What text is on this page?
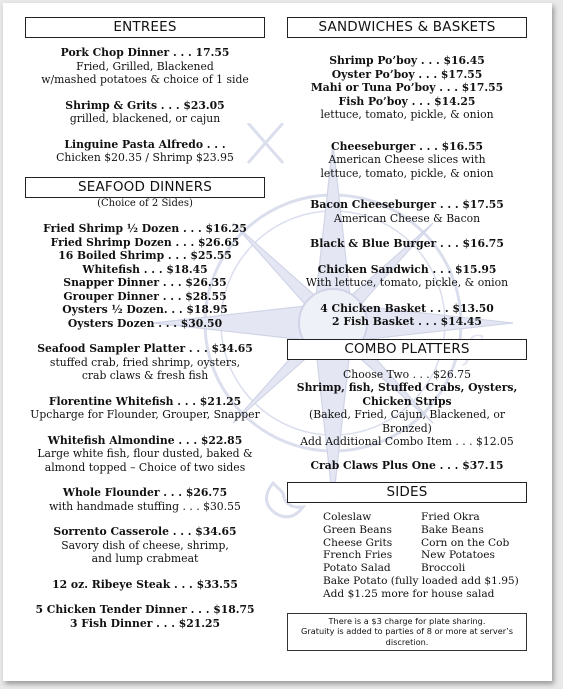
ENTREES
Pork Chop Dinner . . . 17.55
Fried, Grilled, Blackened
w/mashed potatoes & choice of 1 side
Shrimp & Grits . . . $23.05
grilled, blackened, or cajun
Linguine Pasta Alfredo . . .
Chicken $20.35 / Shrimp $23.95
SEAFOOD DINNERS
(Choice of 2 Sides)
Fried Shrimp ½ Dozen . . . $16.25
Fried Shrimp Dozen . . . $26.65
16 Boiled Shrimp . . . $25.55
Whitefish . . . $18.45
Snapper Dinner . . . $26.35
Grouper Dinner . . . $28.55
Oysters ½ Dozen. . . $18.95
Oysters Dozen . . . $30.50
Seafood Sampler Platter . . . $34.65
stuffed crab, fried shrimp, oysters,
crab claws & fresh fish
Florentine Whitefish . . . $21.25
Upcharge for Flounder, Grouper, Snapper
Whitefish Almondine . . . $22.85
Large white fish, flour dusted, baked &
almond topped – Choice of two sides
Whole Flounder . . . $26.75
with handmade stuffing . . . $30.55
Sorrento Casserole . . . $34.65
Savory dish of cheese, shrimp,
and lump crabmeat
12 oz. Ribeye Steak . . . $33.55
5 Chicken Tender Dinner . . . $18.75
3 Fish Dinner . . . $21.25
SANDWICHES & BASKETS
Shrimp Po’boy . . . $16.45
Oyster Po’boy . . . $17.55
Mahi or Tuna Po’boy . . . $17.55
Fish Po’boy . . . $14.25
lettuce, tomato, pickle, & onion
Cheeseburger . . . $16.55
American Cheese slices with
lettuce, tomato, pickle, & onion
Bacon Cheeseburger . . . $17.55
American Cheese & Bacon
Black & Blue Burger . . . $16.75
Chicken Sandwich . . . $15.95
With lettuce, tomato, pickle, & onion
4 Chicken Basket . . . $13.50
2 Fish Basket . . . $14.45
COMBO PLATTERS
Choose Two . . . $26.75
Shrimp, fish, Stuffed Crabs, Oysters,
Chicken Strips
(Baked, Fried, Cajun, Blackened, or Bronzed)
Add Additional Combo Item . . . $12.05
Crab Claws Plus One . . . $37.15
SIDES
Coleslaw	Fried Okra
Green Beans	Bake Beans
Cheese Grits	Corn on the Cob
French Fries	New Potatoes
Potato Salad	Broccoli
Bake Potato (fully loaded add $1.95)
Add $1.25 more for house salad
There is a $3 charge for plate sharing.
Gratuity is added to parties of 8 or more at server’s
discretion.
